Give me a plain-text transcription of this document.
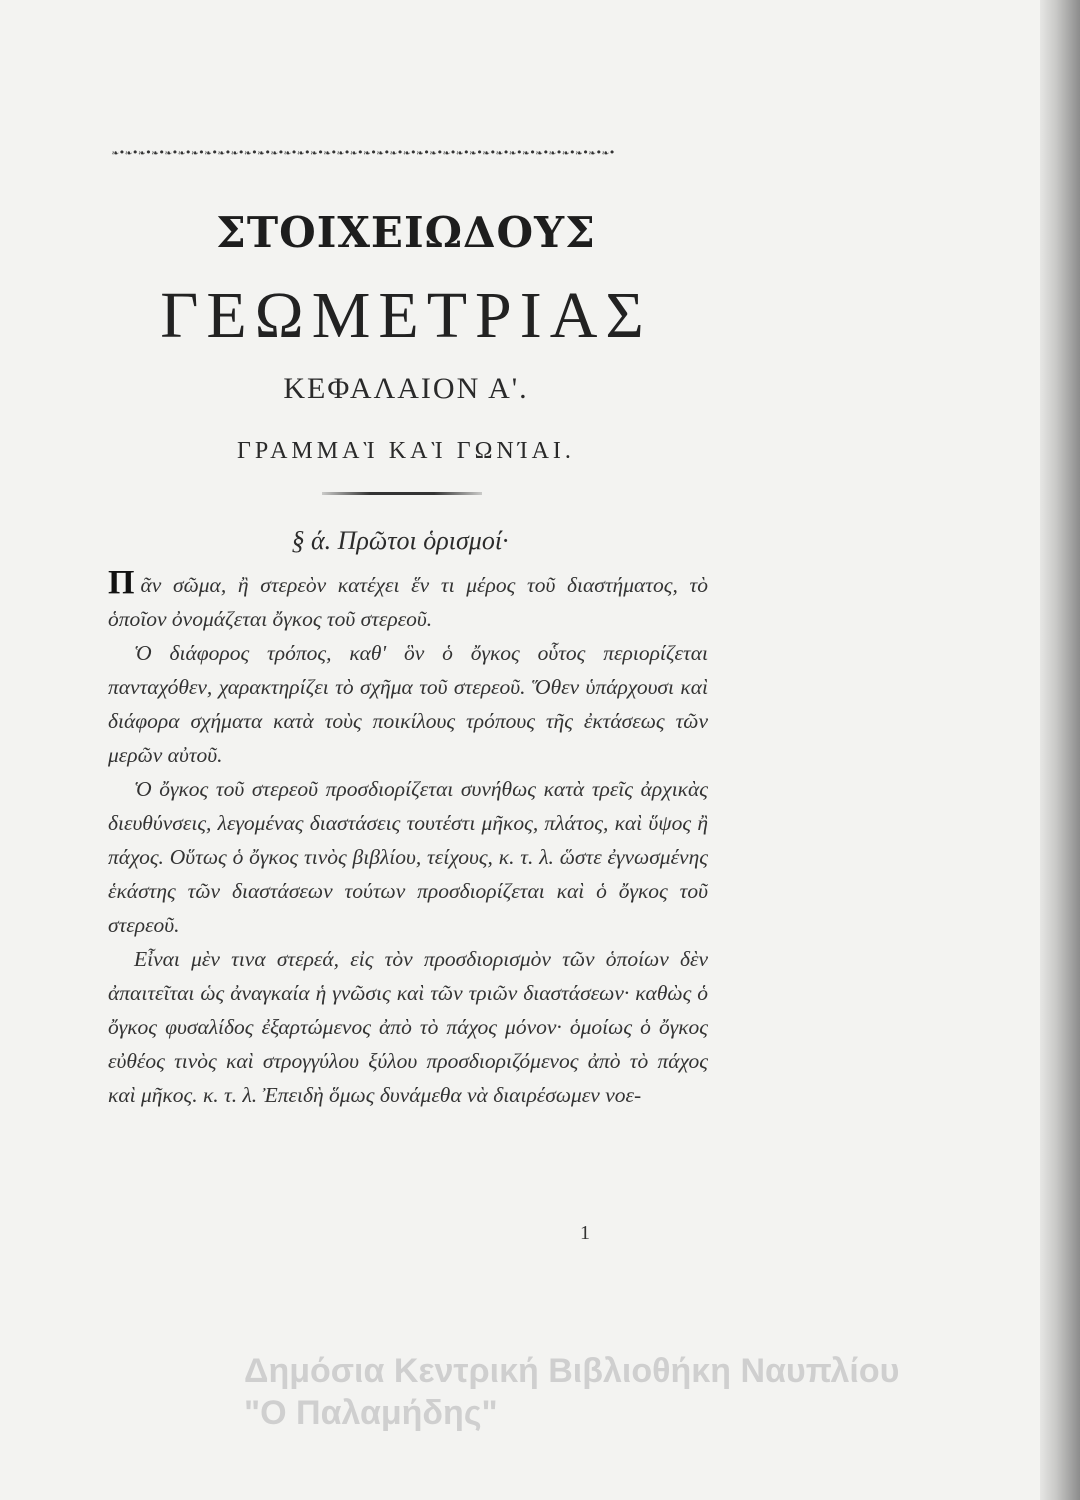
❧•❧•❧•❧•❧•❧•❧•❧•❧•❧•❧•❧•❧•❧•❧•❧•❧•❧•❧•❧•❧•❧•❧•❧•❧•❧•❧•❧•❧•❧•❧•❧•❧•❧•❧•❧•❧•❧•
ΣΤΟΙΧΕΙΩΔΟΥΣ
ΓΕΩΜΕΤΡΙΑΣ
ΚΕΦΑΛΑΙΟΝ Α'.
ΓΡΑΜΜΑῚ ΚΑῚ ΓΩΝΊΑΙ.
§ ά. Πρῶτοι ὁρισμοί·

Πᾶν σῶμα, ἢ στερεὸν κατέχει ἕν τι μέρος τοῦ διαστήματος, τὸ ὁποῖον ὀνομάζεται ὄγκος τοῦ στερεοῦ.

Ὁ διάφορος τρόπος, καθ' ὃν ὁ ὄγκος οὗτος περιορίζεται πανταχόθεν, χαρακτηρίζει τὸ σχῆμα τοῦ στερεοῦ. Ὅθεν ὑπάρχουσι καὶ διάφορα σχήματα κατὰ τοὺς ποικίλους τρόπους τῆς ἐκτάσεως τῶν μερῶν αὐτοῦ.

Ὁ ὄγκος τοῦ στερεοῦ προσδιορίζεται συνήθως κατὰ τρεῖς ἀρχικὰς διευθύνσεις, λεγομένας διαστάσεις τουτέστι μῆκος, πλάτος, καὶ ὕψος ἢ πάχος. Οὕτως ὁ ὄγκος τινὸς βιβλίου, τείχους, κ. τ. λ. ὥστε ἐγνωσμένης ἑκάστης τῶν διαστάσεων τούτων προσδιορίζεται καὶ ὁ ὄγκος τοῦ στερεοῦ.

Εἶναι μὲν τινα στερεά, εἰς τὸν προσδιορισμὸν τῶν ὁποίων δὲν ἀπαιτεῖται ὡς ἀναγκαία ἡ γνῶσις καὶ τῶν τριῶν διαστάσεων· καθὼς ὁ ὄγκος φυσαλίδος ἐξαρτώμενος ἀπὸ τὸ πάχος μόνον· ὁμοίως ὁ ὄγκος εὐθέος τινὸς καὶ στρογγύλου ξύλου προσδιοριζόμενος ἀπὸ τὸ πάχος καὶ μῆκος. κ. τ. λ. Ἐπειδὴ ὅμως δυνάμεθα νὰ διαιρέσωμεν νοε-

1
Δημόσια Κεντρική Βιβλιοθήκη Ναυπλίου
"Ο Παλαμήδης"
